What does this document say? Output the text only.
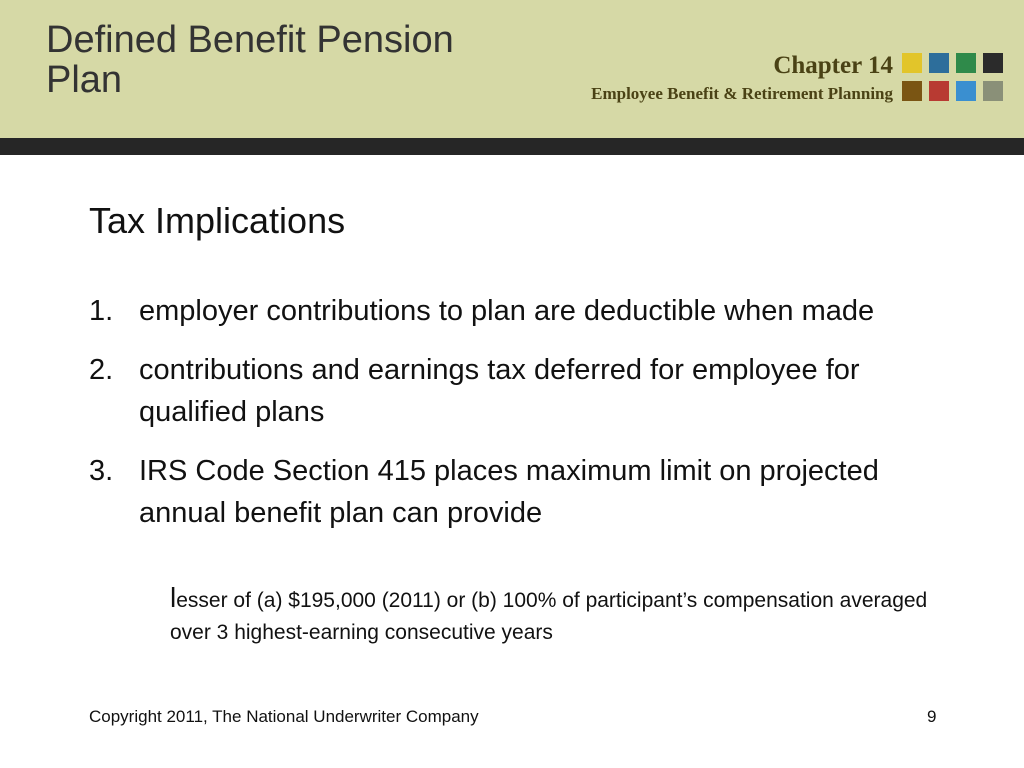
Defined Benefit Pension
Plan	Chapter 14
Employee Benefit & Retirement Planning
Tax Implications
1. employer contributions to plan are deductible when made
2. contributions and earnings tax deferred for employee for qualified plans
3. IRS Code Section 415 places maximum limit on projected annual benefit plan can provide
lesser of (a) $195,000 (2011) or (b) 100% of participant’s compensation averaged over 3 highest-earning consecutive years
Copyright 2011, The National Underwriter Company	9
